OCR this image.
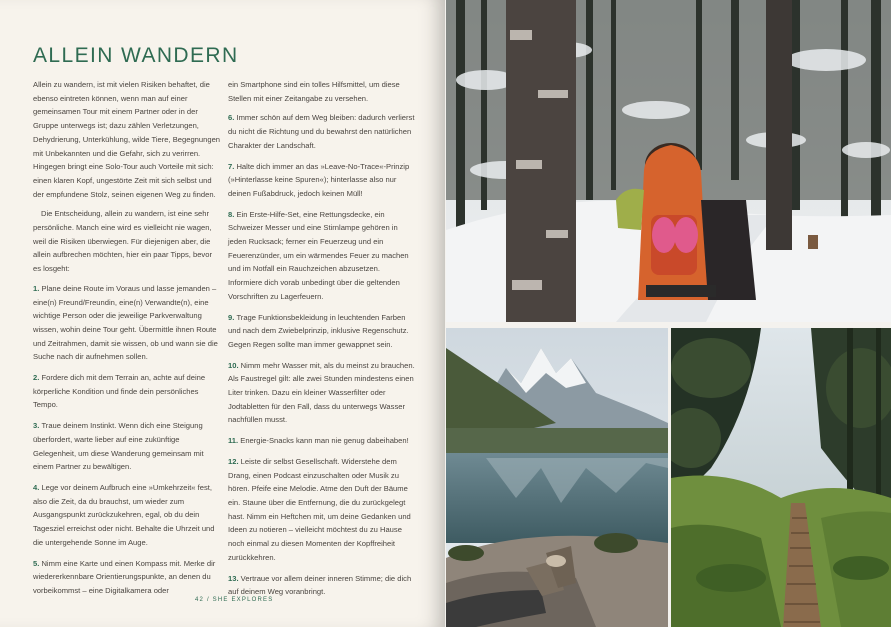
ALLEIN WANDERN

Allein zu wandern, ist mit vielen Risiken behaftet, die ebenso eintreten können, wenn man auf einer gemeinsamen Tour mit einem Partner oder in der Gruppe unterwegs ist; dazu zählen Verletzungen, Dehydrierung, Unterkühlung, wilde Tiere, Begegnungen mit Unbekannten und die Gefahr, sich zu verirren. Hingegen bringt eine Solo-Tour auch Vorteile mit sich: einen klaren Kopf, ungestörte Zeit mit sich selbst und der empfundene Stolz, seinen eigenen Weg zu finden.

Die Entscheidung, allein zu wandern, ist eine sehr persönliche. Manch eine wird es vielleicht nie wagen, weil die Risiken überwiegen. Für diejenigen aber, die allein aufbrechen möchten, hier ein paar Tipps, bevor es losgeht:

1. Plane deine Route im Voraus und lasse jemanden – eine(n) Freund/Freundin, eine(n) Verwandte(n), eine wichtige Person oder die jeweilige Parkverwaltung wissen, wohin deine Tour geht. Übermittle ihnen Route und Zeitrahmen, damit sie wissen, ob und wann sie die Suche nach dir aufnehmen sollen.
2. Fordere dich mit dem Terrain an, achte auf deine körperliche Kondition und finde dein persönliches Tempo.
3. Traue deinem Instinkt. Wenn dich eine Steigung überfordert, warte lieber auf eine zukünftige Gelegenheit, um diese Wanderung gemeinsam mit einem Partner zu bewältigen.
4. Lege vor deinem Aufbruch eine »Umkehrzeit« fest, also die Zeit, da du brauchst, um wieder zum Ausgangspunkt zurückzukehren, egal, ob du dein Tagesziel erreichst oder nicht. Behalte die Uhrzeit und die untergehende Sonne im Auge.
5. Nimm eine Karte und einen Kompass mit. Merke dir wiedererkennbare Orientierungspunkte, an denen du vorbeikommst – eine Digitalkamera oder

ein Smartphone sind ein tolles Hilfsmittel, um diese Stellen mit einer Zeitangabe zu versehen.

6. Immer schön auf dem Weg bleiben: dadurch verlierst du nicht die Richtung und du bewahrst den natürlichen Charakter der Landschaft.
7. Halte dich immer an das »Leave-No-Trace«-Prinzip (»Hinterlasse keine Spuren«); hinterlasse also nur deinen Fußabdruck, jedoch keinen Müll!
8. Ein Erste-Hilfe-Set, eine Rettungsdecke, ein Schweizer Messer und eine Stirnlampe gehören in jeden Rucksack; ferner ein Feuerzeug und ein Feuerenzünder, um ein wärmendes Feuer zu machen und im Notfall ein Rauchzeichen abzusetzen. Informiere dich vorab unbedingt über die geltenden Vorschriften zu Lagerfeuern.
9. Trage Funktionsbekleidung in leuchtenden Farben und nach dem Zwiebelprinzip, inklusive Regenschutz. Gegen Regen sollte man immer gewappnet sein.
10. Nimm mehr Wasser mit, als du meinst zu brauchen. Als Faustregel gilt: alle zwei Stunden mindestens einen Liter trinken. Dazu ein kleiner Wasserfilter oder Jodtabletten für den Fall, dass du unterwegs Wasser nachfüllen musst.
11. Energie-Snacks kann man nie genug dabeihaben!
12. Leiste dir selbst Gesellschaft. Widerstehe dem Drang, einen Podcast einzuschalten oder Musik zu hören. Pfeife eine Melodie. Atme den Duft der Bäume ein. Staune über die Entfernung, die du zurückgelegt hast. Nimm ein Heftchen mit, um deine Gedanken und Ideen zu notieren – vielleicht möchtest du zu Hause noch einmal zu diesen Momenten der Kopffreiheit zurückkehren.
13. Vertraue vor allem deiner inneren Stimme; die dich auf deinem Weg voranbringt.
42 / SHE EXPLORES
